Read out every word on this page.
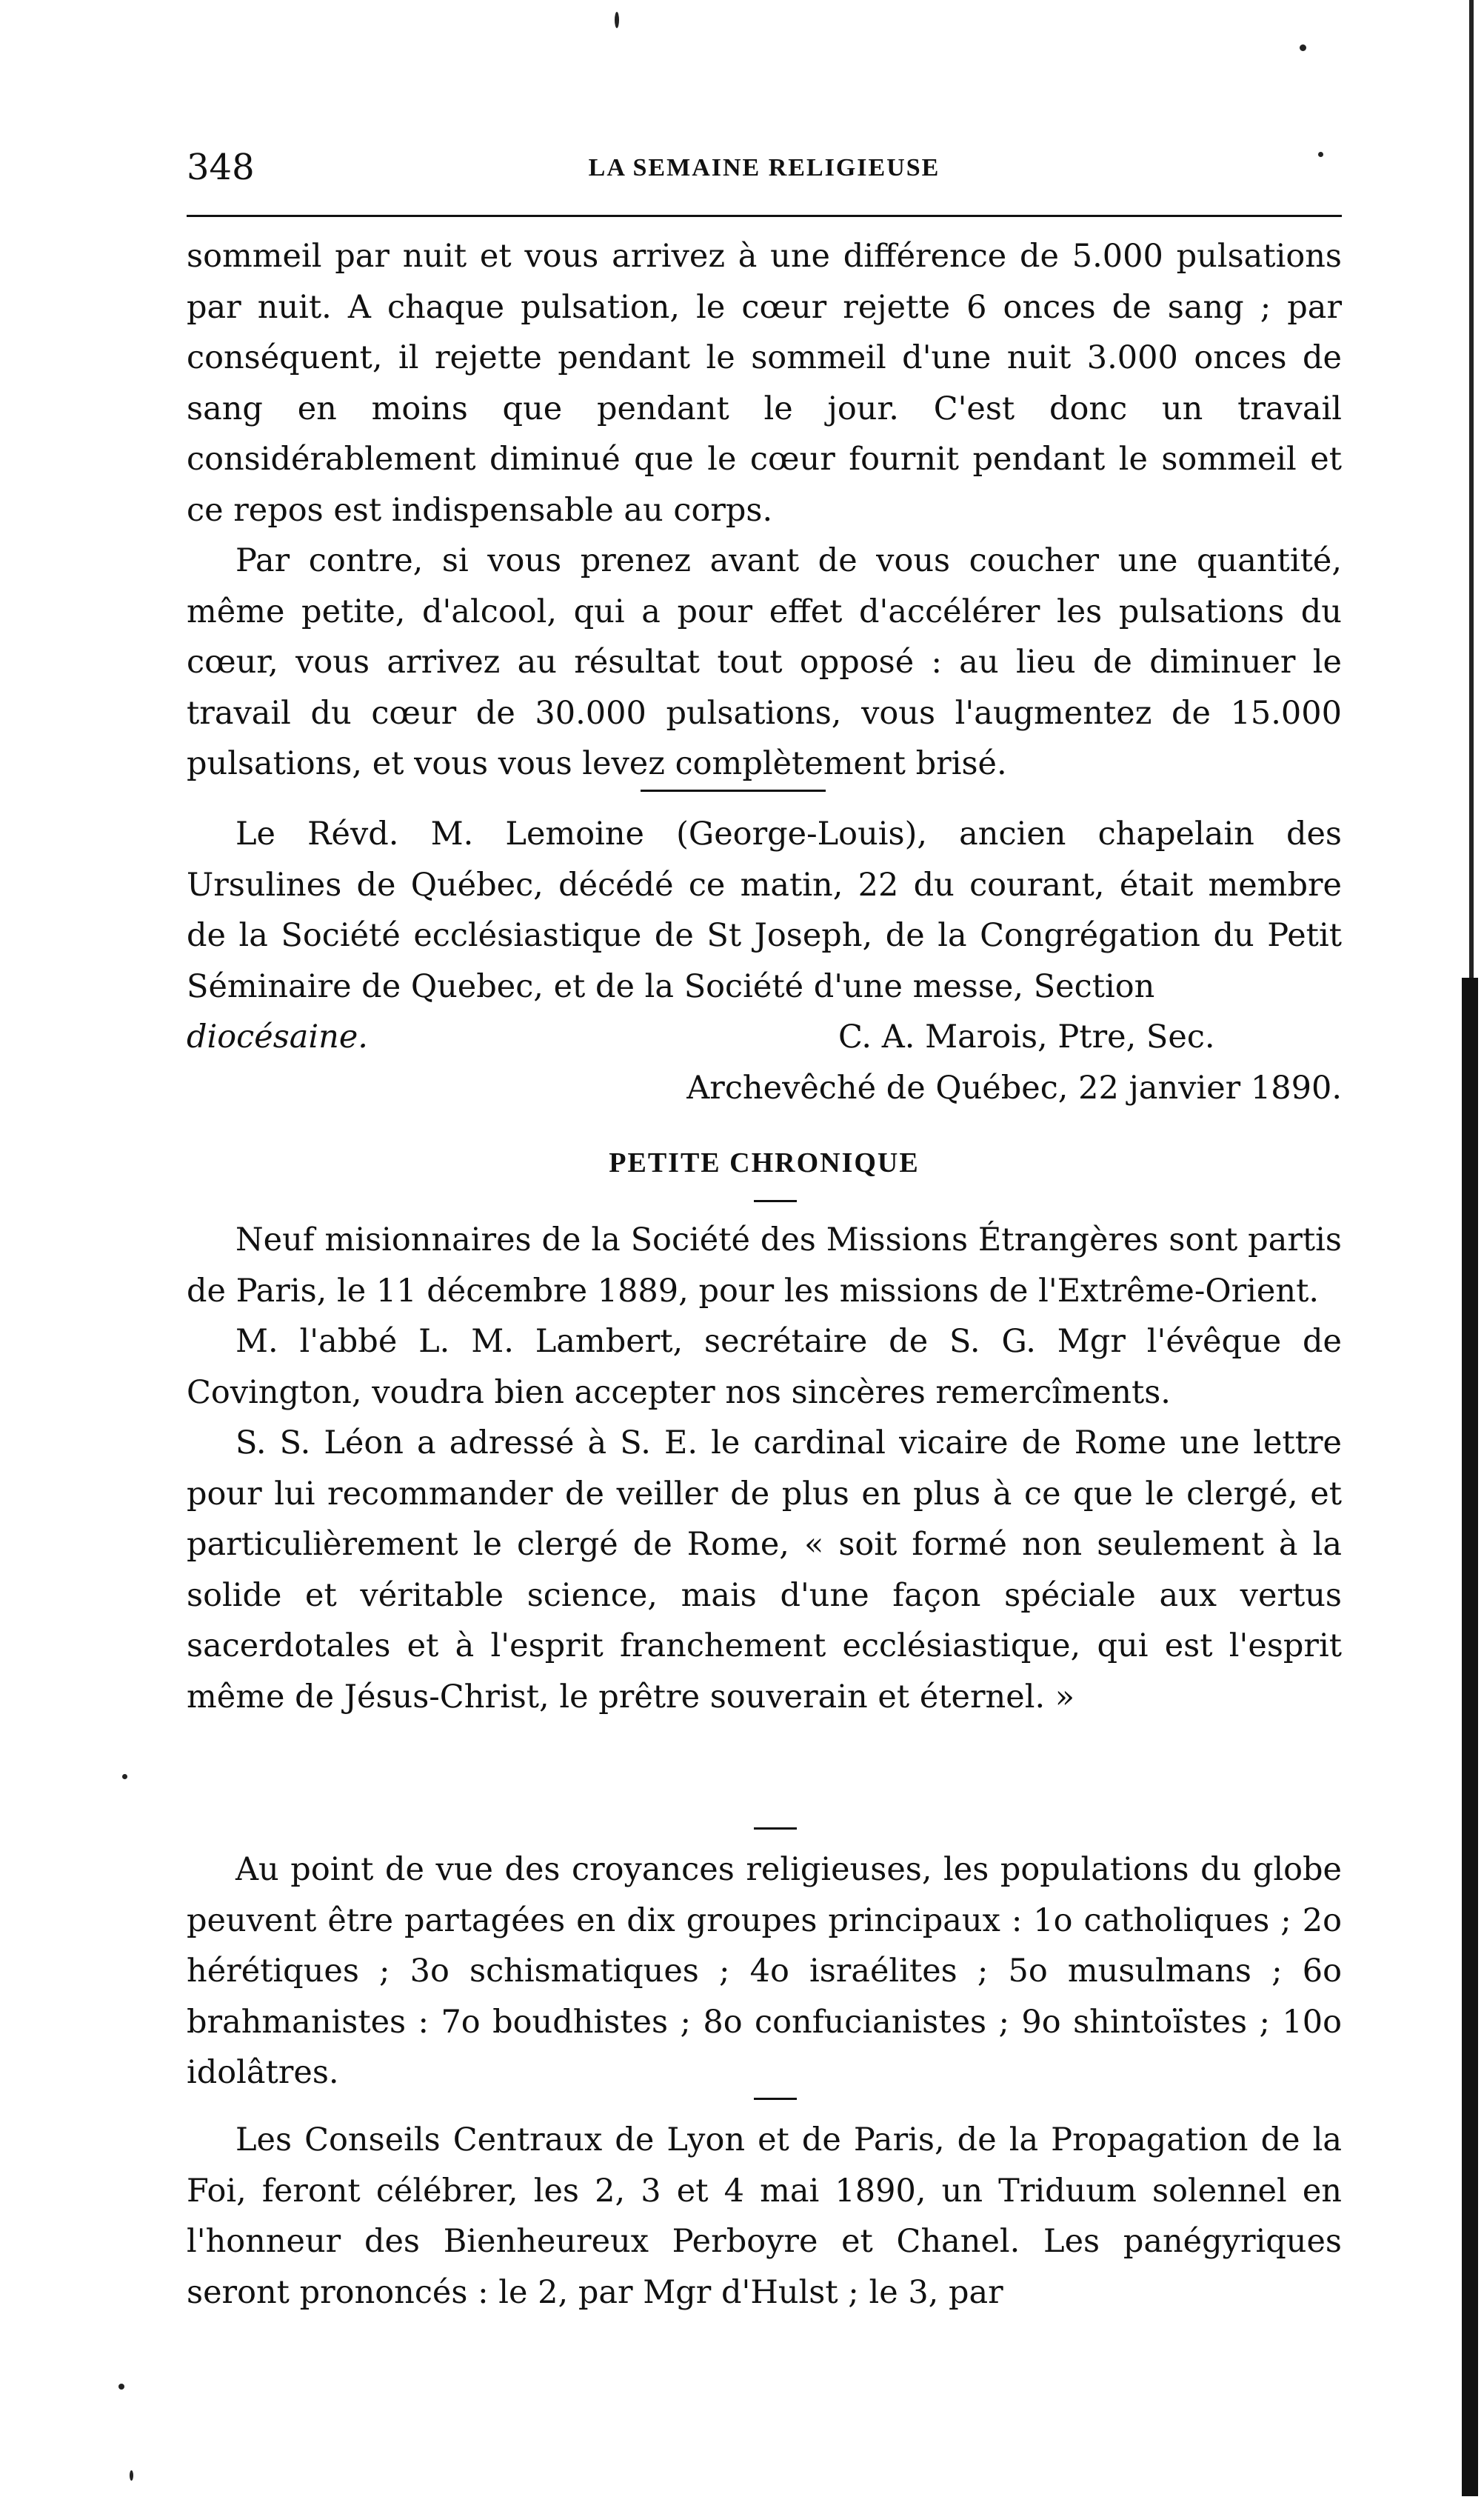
348	LA SEMAINE RELIGIEUSE

sommeil par nuit et vous arrivez à une différence de 5.000 pulsations par nuit. A chaque pulsation, le cœur rejette 6 onces de sang ; par conséquent, il rejette pendant le sommeil d'une nuit 3.000 onces de sang en moins que pendant le jour. C'est donc un travail considérablement diminué que le cœur fournit pendant le sommeil et ce repos est indispensable au corps.

Par contre, si vous prenez avant de vous coucher une quantité, même petite, d'alcool, qui a pour effet d'accélérer les pulsations du cœur, vous arrivez au résultat tout opposé : au lieu de diminuer le travail du cœur de 30.000 pulsations, vous l'augmentez de 15.000 pulsations, et vous vous levez complètement brisé.

Le Révd. M. Lemoine (George-Louis), ancien chapelain des Ursulines de Québec, décédé ce matin, 22 du courant, était membre de la Société ecclésiastique de St Joseph, de la Congrégation du Petit Séminaire de Quebec, et de la Société d'une messe, Section

diocésaine.	C. A. Marois, Ptre, Sec.
Archevêché de Québec, 22 janvier 1890.
PETITE CHRONIQUE

Neuf misionnaires de la Société des Missions Étrangères sont partis de Paris, le 11 décembre 1889, pour les missions de l'Extrême-Orient.

M. l'abbé L. M. Lambert, secrétaire de S. G. Mgr l'évêque de Covington, voudra bien accepter nos sincères remercîments.

S. S. Léon a adressé à S. E. le cardinal vicaire de Rome une lettre pour lui recommander de veiller de plus en plus à ce que le clergé, et particulièrement le clergé de Rome, « soit formé non seulement à la solide et véritable science, mais d'une façon spéciale aux vertus sacerdotales et à l'esprit franchement ecclésiastique, qui est l'esprit même de Jésus-Christ, le prêtre souverain et éternel. »

Au point de vue des croyances religieuses, les populations du globe peuvent être partagées en dix groupes principaux : 1o catholiques ; 2o hérétiques ; 3o schismatiques ; 4o israélites ; 5o musulmans ; 6o brahmanistes : 7o boudhistes ; 8o confucianistes ; 9o shintoïstes ; 10o idolâtres.

Les Conseils Centraux de Lyon et de Paris, de la Propagation de la Foi, feront célébrer, les 2, 3 et 4 mai 1890, un Triduum solennel en l'honneur des Bienheureux Perboyre et Chanel. Les panégyriques seront prononcés : le 2, par Mgr d'Hulst ; le 3, par
